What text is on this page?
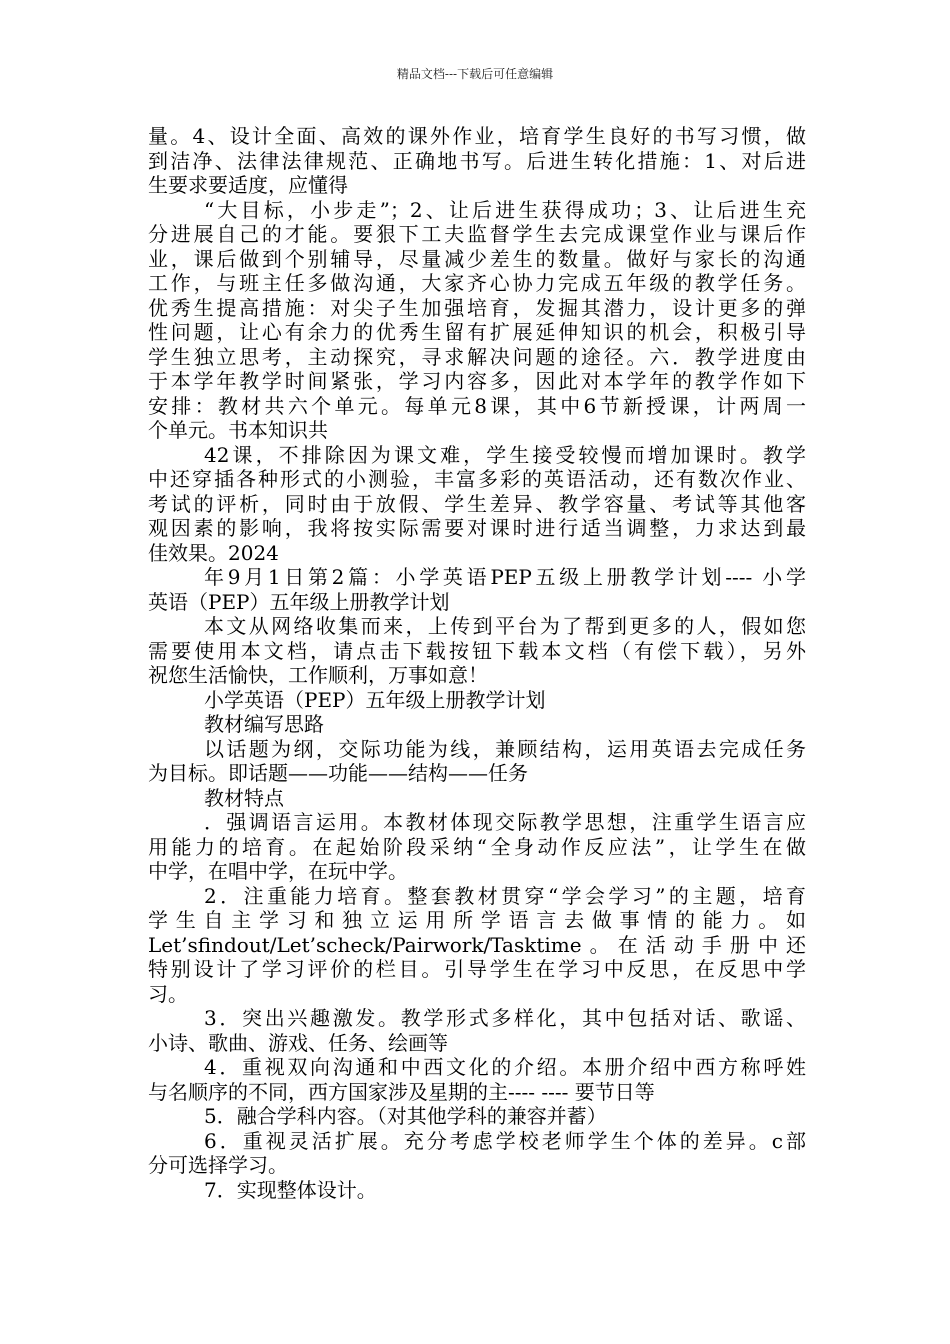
精品文档---下载后可任意编辑
量。4、设计全面、高效的课外作业，培育学生良好的书写习惯，做
到洁净、法律法律规范、正确地书写。后进生转化措施：1、对后进
生要求要适度，应懂得
“大目标，小步走”；2、让后进生获得成功；3、让后进生充
分进展自己的才能。要狠下工夫监督学生去完成课堂作业与课后作
业，课后做到个别辅导，尽量减少差生的数量。做好与家长的沟通
工作，与班主任多做沟通，大家齐心协力完成五年级的教学任务。
优秀生提高措施：对尖子生加强培育，发掘其潜力，设计更多的弹
性问题，让心有余力的优秀生留有扩展延伸知识的机会，积极引导
学生独立思考，主动探究，寻求解决问题的途径。六．教学进度由
于本学年教学时间紧张，学习内容多，因此对本学年的教学作如下
安排：教材共六个单元。每单元8课，其中6节新授课，计两周一
个单元。书本知识共
42课，不排除因为课文难，学生接受较慢而增加课时。教学
中还穿插各种形式的小测验，丰富多彩的英语活动，还有数次作业、
考试的评析，同时由于放假、学生差异、教学容量、考试等其他客
观因素的影响，我将按实际需要对课时进行适当调整，力求达到最
佳效果。2024
年9月1日第2篇：小学英语PEP五级上册教学计划---- 小学
英语（PEP）五年级上册教学计划
本文从网络收集而来，上传到平台为了帮到更多的人，假如您
需要使用本文档，请点击下载按钮下载本文档（有偿下载），另外
祝您生活愉快，工作顺利，万事如意！
小学英语（PEP）五年级上册教学计划
教材编写思路
以话题为纲，交际功能为线，兼顾结构，运用英语去完成任务
为目标。即话题——功能——结构——任务
教材特点
．强调语言运用。本教材体现交际教学思想，注重学生语言应
用能力的培育。在起始阶段采纳“全身动作反应法”，让学生在做
中学，在唱中学，在玩中学。
2．注重能力培育。整套教材贯穿“学会学习”的主题，培育
学生自主学习和独立运用所学语言去做事情的能力。如
Let’sfindout/Let’scheck/Pairwork/Tasktime。在活动手册中还
特别设计了学习评价的栏目。引导学生在学习中反思，在反思中学
习。
3．突出兴趣激发。教学形式多样化，其中包括对话、歌谣、
小诗、歌曲、游戏、任务、绘画等
4．重视双向沟通和中西文化的介绍。本册介绍中西方称呼姓
与名顺序的不同，西方国家涉及星期的主---- ---- 要节日等
5．融合学科内容。（对其他学科的兼容并蓄）
6．重视灵活扩展。充分考虑学校老师学生个体的差异。c部
分可选择学习。
7．实现整体设计。
